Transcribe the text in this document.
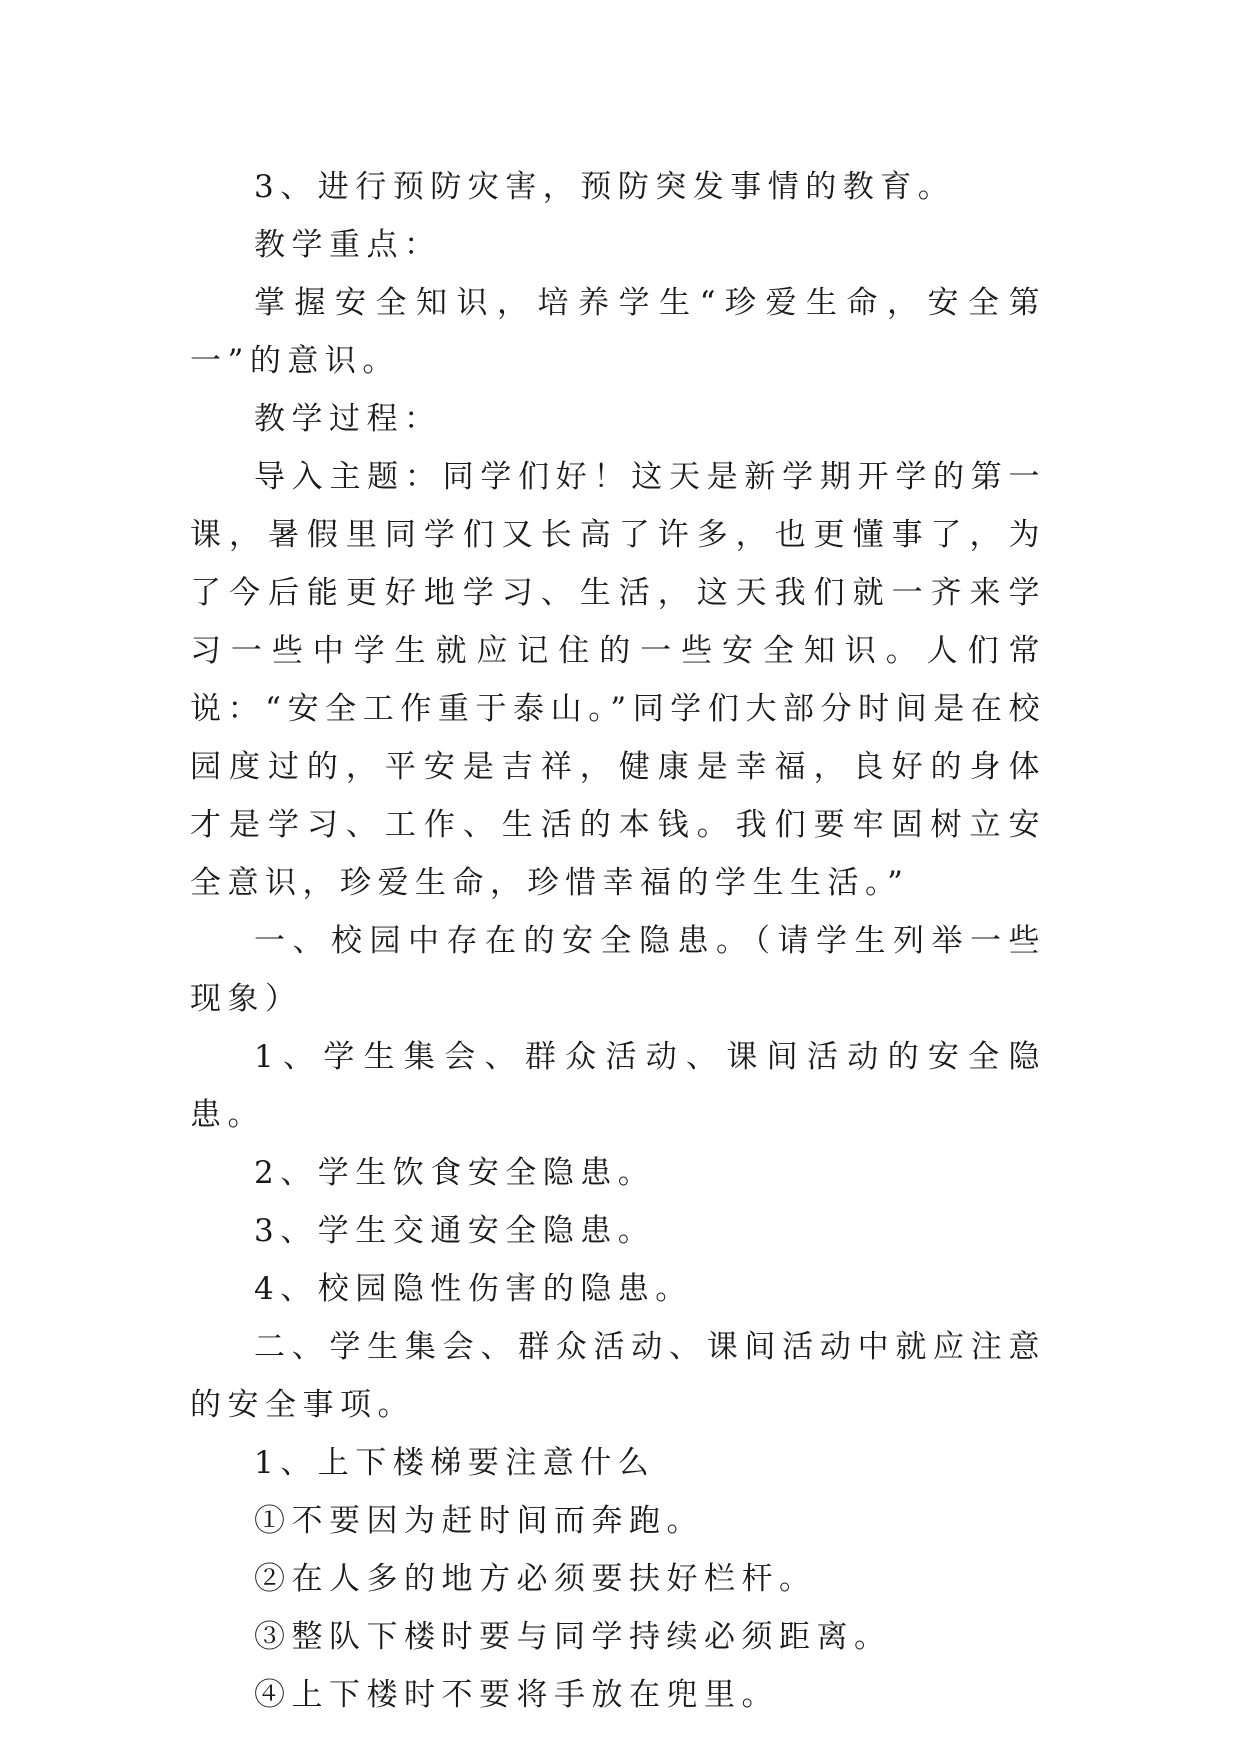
3、进行预防灾害，预防突发事情的教育。

教学重点：

掌握安全知识，培养学生“珍爱生命，安全第一”的意识。

教学过程：

导入主题：同学们好！这天是新学期开学的第一课，暑假里同学们又长高了许多，也更懂事了，为了今后能更好地学习、生活，这天我们就一齐来学习一些中学生就应记住的一些安全知识。人们常说：“安全工作重于泰山。”同学们大部分时间是在校园度过的，平安是吉祥，健康是幸福，良好的身体才是学习、工作、生活的本钱。我们要牢固树立安全意识，珍爱生命，珍惜幸福的学生生活。”

一、校园中存在的安全隐患。（请学生列举一些现象）

1、学生集会、群众活动、课间活动的安全隐患。

2、学生饮食安全隐患。

3、学生交通安全隐患。

4、校园隐性伤害的隐患。

二、学生集会、群众活动、课间活动中就应注意的安全事项。

1、上下楼梯要注意什么

①不要因为赶时间而奔跑。

②在人多的地方必须要扶好栏杆。

③整队下楼时要与同学持续必须距离。

④上下楼时不要将手放在兜里。
